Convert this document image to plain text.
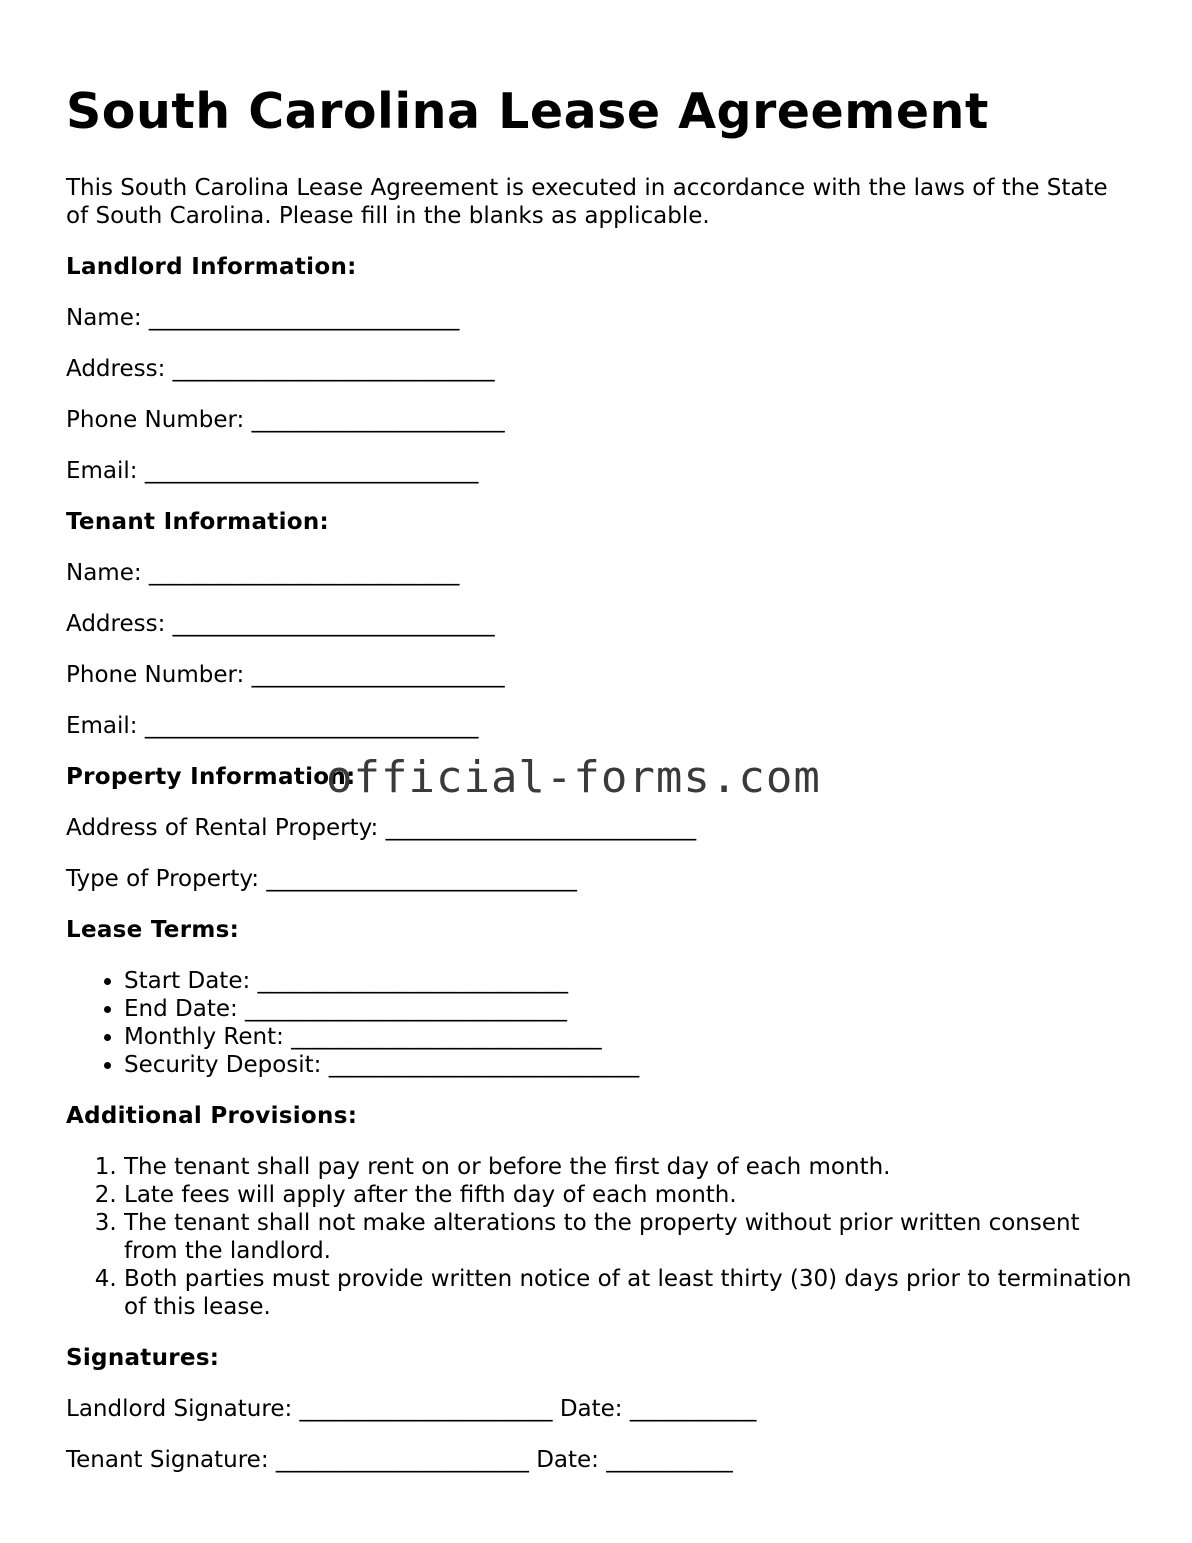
South Carolina Lease Agreement

This South Carolina Lease Agreement is executed in accordance with the laws of the State of South Carolina. Please fill in the blanks as applicable.

Landlord Information:
Name: ___________________________
Address: ____________________________
Phone Number: ______________________
Email: _____________________________
Tenant Information:
Name: ___________________________
Address: ____________________________
Phone Number: ______________________
Email: _____________________________
Property Information:
Address of Rental Property: ___________________________
Type of Property: ___________________________
Lease Terms:
• Start Date: ___________________________
• End Date: ____________________________
• Monthly Rent: ___________________________
• Security Deposit: ___________________________
Additional Provisions:
1. The tenant shall pay rent on or before the first day of each month.
2. Late fees will apply after the fifth day of each month.
3. The tenant shall not make alterations to the property without prior written consent from the landlord.
4. Both parties must provide written notice of at least thirty (30) days prior to termination of this lease.
Signatures:
Landlord Signature: ______________________ Date: ___________
Tenant Signature: ______________________ Date: ___________
official-forms.com
